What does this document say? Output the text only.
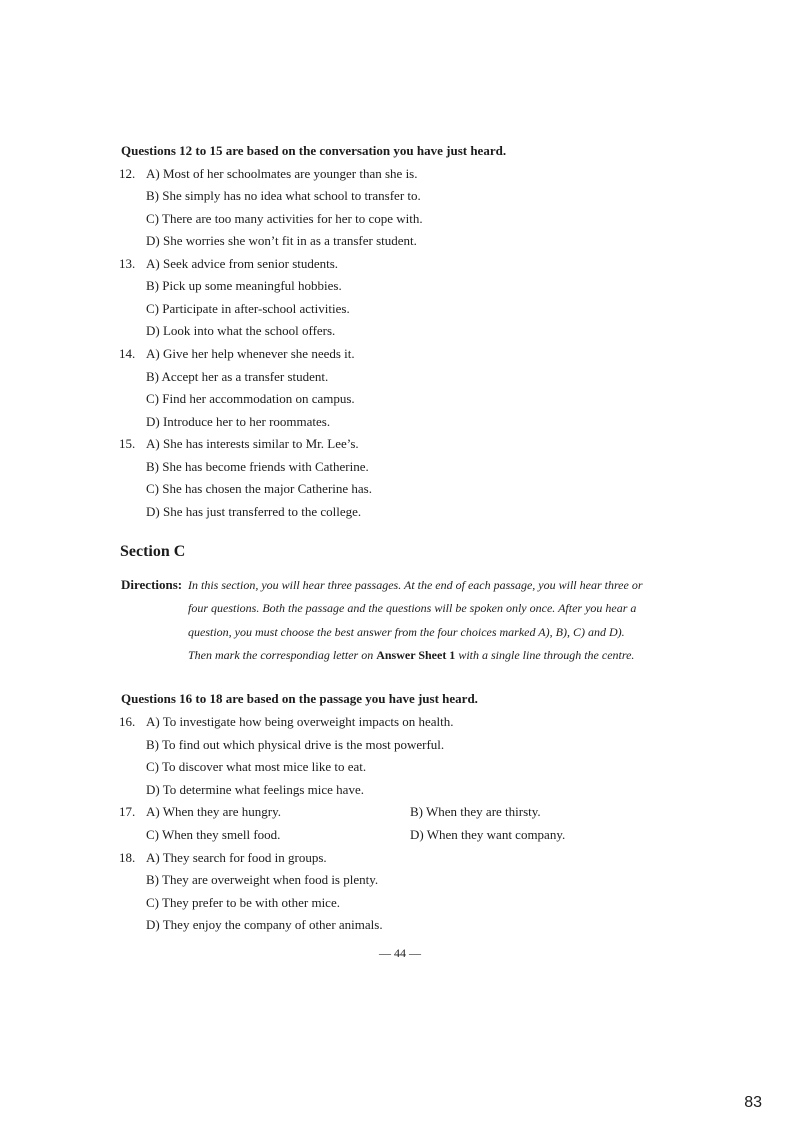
Questions 12 to 15 are based on the conversation you have just heard.
12. A) Most of her schoolmates are younger than she is.
B) She simply has no idea what school to transfer to.
C) There are too many activities for her to cope with.
D) She worries she won’t fit in as a transfer student.
13. A) Seek advice from senior students.
B) Pick up some meaningful hobbies.
C) Participate in after-school activities.
D) Look into what the school offers.
14. A) Give her help whenever she needs it.
B) Accept her as a transfer student.
C) Find her accommodation on campus.
D) Introduce her to her roommates.
15. A) She has interests similar to Mr. Lee’s.
B) She has become friends with Catherine.
C) She has chosen the major Catherine has.
D) She has just transferred to the college.
Section C
Directions: In this section, you will hear three passages. At the end of each passage, you will hear three or
four questions. Both the passage and the questions will be spoken only once. After you hear a
question, you must choose the best answer from the four choices marked A), B), C) and D).
Then mark the correspondiag letter on Answer Sheet 1 with a single line through the centre.
Questions 16 to 18 are based on the passage you have just heard.
16. A) To investigate how being overweight impacts on health.
B) To find out which physical drive is the most powerful.
C) To discover what most mice like to eat.
D) To determine what feelings mice have.
17. A) When they are hungry.	B) When they are thirsty.
C) When they smell food.	D) When they want company.
18. A) They search for food in groups.
B) They are overweight when food is plenty.
C) They prefer to be with other mice.
D) They enjoy the company of other animals.
— 44 —
83
